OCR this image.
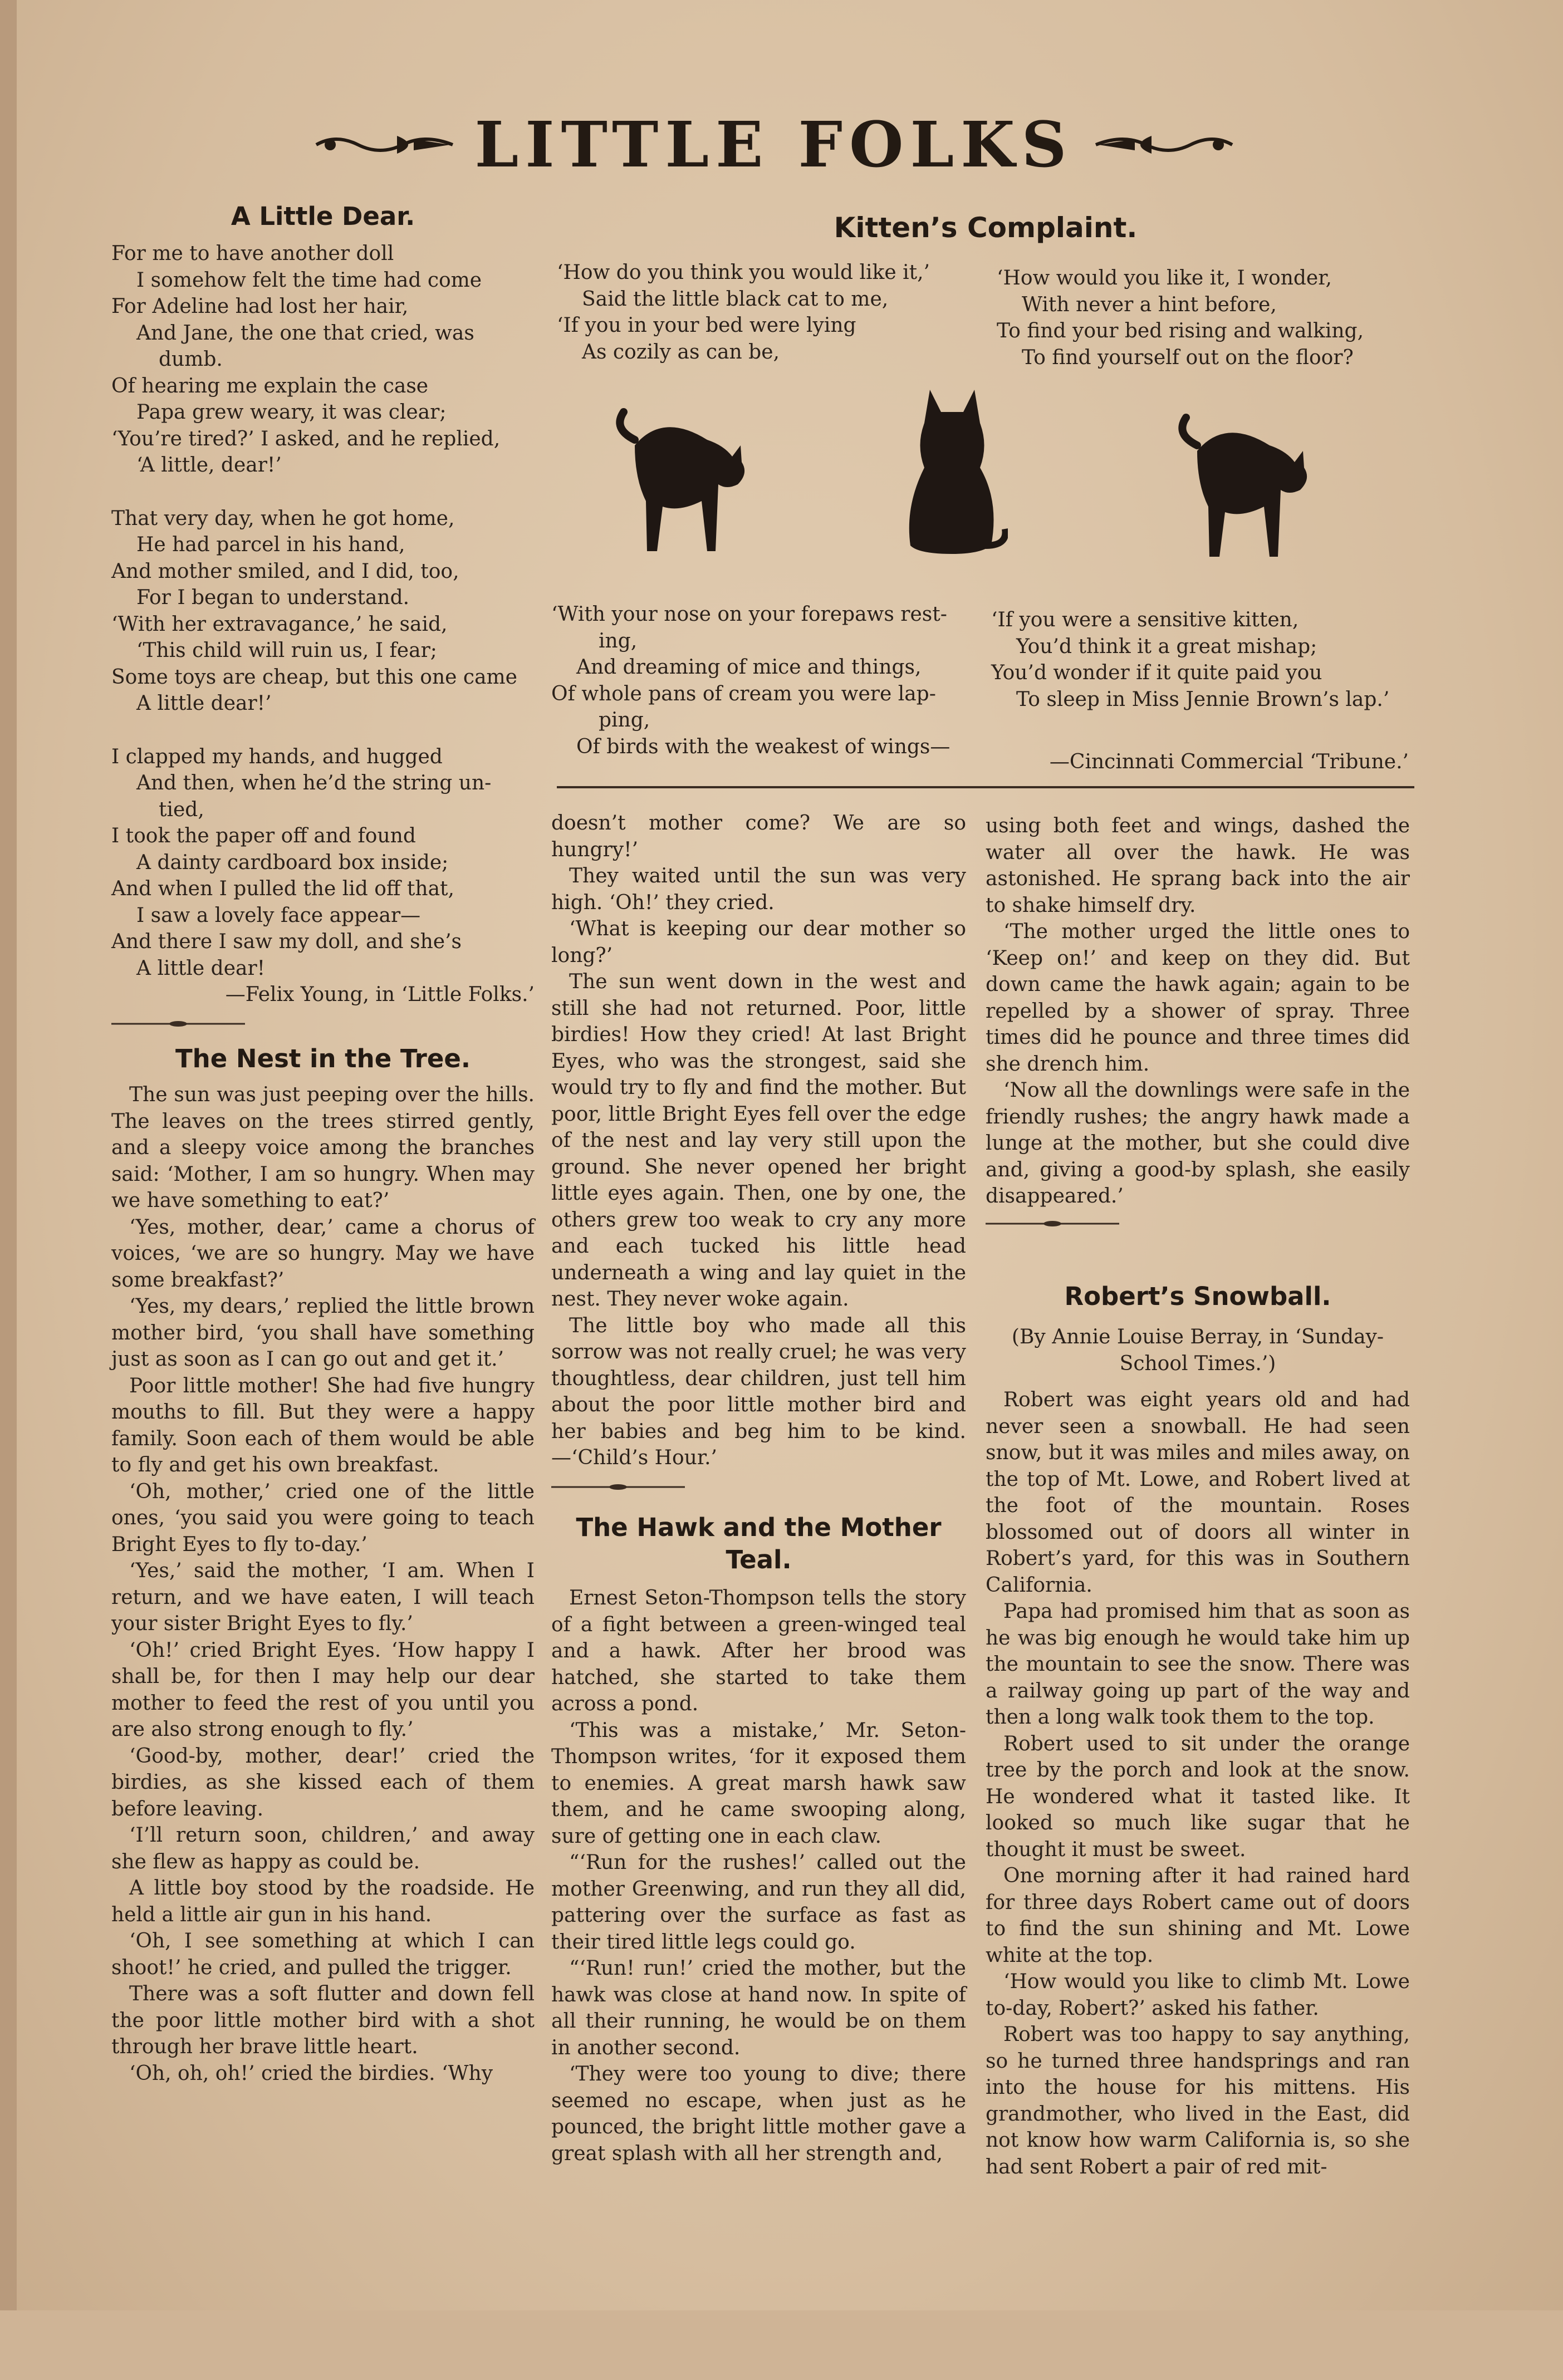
LITTLE FOLKS
A Little Dear.
For me to have another doll
I somehow felt the time had come
For Adeline had lost her hair,
And Jane, the one that cried, was
dumb.
Of hearing me explain the case
Papa grew weary, it was clear;
‘You’re tired?’ I asked, and he replied,
‘A little, dear!’
That very day, when he got home,
He had parcel in his hand,
And mother smiled, and I did, too,
For I began to understand.
‘With her extravagance,’ he said,
‘This child will ruin us, I fear;
Some toys are cheap, but this one came
A little dear!’
I clapped my hands, and hugged
And then, when he’d the string un-
tied,
I took the paper off and found
A dainty cardboard box inside;
And when I pulled the lid off that,
I saw a lovely face appear—
And there I saw my doll, and she’s
A little dear!
—Felix Young, in ‘Little Folks.’
The Nest in the Tree.

The sun was just peeping over the hills. The leaves on the trees stirred gently, and a sleepy voice among the branches said: ‘Mother, I am so hungry. When may we have something to eat?’

‘Yes, mother, dear,’ came a chorus of voices, ‘we are so hungry. May we have some breakfast?’

‘Yes, my dears,’ replied the little brown mother bird, ‘you shall have something just as soon as I can go out and get it.’

Poor little mother! She had five hungry mouths to fill. But they were a happy family. Soon each of them would be able to fly and get his own breakfast.

‘Oh, mother,’ cried one of the little ones, ‘you said you were going to teach Bright Eyes to fly to-day.’

‘Yes,’ said the mother, ‘I am. When I return, and we have eaten, I will teach your sister Bright Eyes to fly.’

‘Oh!’ cried Bright Eyes. ‘How happy I shall be, for then I may help our dear mother to feed the rest of you until you are also strong enough to fly.’

‘Good-by, mother, dear!’ cried the birdies, as she kissed each of them before leaving.

‘I’ll return soon, children,’ and away she flew as happy as could be.

A little boy stood by the roadside. He held a little air gun in his hand.

‘Oh, I see something at which I can shoot!’ he cried, and pulled the trigger.

There was a soft flutter and down fell the poor little mother bird with a shot through her brave little heart.

‘Oh, oh, oh!’ cried the birdies. ‘Why

Kitten’s Complaint.
‘How do you think you would like it,’
Said the little black cat to me,
‘If you in your bed were lying
As cozily as can be,
‘How would you like it, I wonder,
With never a hint before,
To find your bed rising and walking,
To find yourself out on the floor?
‘With your nose on your forepaws rest-
ing,
And dreaming of mice and things,
Of whole pans of cream you were lap-
ping,
Of birds with the weakest of wings—
‘If you were a sensitive kitten,
You’d think it a great mishap;
You’d wonder if it quite paid you
To sleep in Miss Jennie Brown’s lap.’
—Cincinnati Commercial ‘Tribune.’

doesn’t mother come? We are so hungry!’

They waited until the sun was very high. ‘Oh!’ they cried.

‘What is keeping our dear mother so long?’

The sun went down in the west and still she had not returned. Poor, little birdies! How they cried! At last Bright Eyes, who was the strongest, said she would try to fly and find the mother. But poor, little Bright Eyes fell over the edge of the nest and lay very still upon the ground. She never opened her bright little eyes again. Then, one by one, the others grew too weak to cry any more and each tucked his little head underneath a wing and lay quiet in the nest. They never woke again.

The little boy who made all this sorrow was not really cruel; he was very thoughtless, dear children, just tell him about the poor little mother bird and her babies and beg him to be kind.—‘Child’s Hour.’

The Hawk and the Mother Teal.

Ernest Seton-Thompson tells the story of a fight between a green-winged teal and a hawk. After her brood was hatched, she started to take them across a pond.

‘This was a mistake,’ Mr. Seton-Thompson writes, ‘for it exposed them to enemies. A great marsh hawk saw them, and he came swooping along, sure of getting one in each claw.

“‘Run for the rushes!’ called out the mother Greenwing, and run they all did, pattering over the surface as fast as their tired little legs could go.

“‘Run! run!’ cried the mother, but the hawk was close at hand now. In spite of all their running, he would be on them in another second.

‘They were too young to dive; there seemed no escape, when just as he pounced, the bright little mother gave a great splash with all her strength and,

using both feet and wings, dashed the water all over the hawk. He was astonished. He sprang back into the air to shake himself dry.

‘The mother urged the little ones to ‘Keep on!’ and keep on they did. But down came the hawk again; again to be repelled by a shower of spray. Three times did he pounce and three times did she drench him.

‘Now all the downlings were safe in the friendly rushes; the angry hawk made a lunge at the mother, but she could dive and, giving a good-by splash, she easily disappeared.’

Robert’s Snowball.

(By Annie Louise Berray, in ‘Sunday-School Times.’)

Robert was eight years old and had never seen a snowball. He had seen snow, but it was miles and miles away, on the top of Mt. Lowe, and Robert lived at the foot of the mountain. Roses blossomed out of doors all winter in Robert’s yard, for this was in Southern California.

Papa had promised him that as soon as he was big enough he would take him up the mountain to see the snow. There was a railway going up part of the way and then a long walk took them to the top.

Robert used to sit under the orange tree by the porch and look at the snow. He wondered what it tasted like. It looked so much like sugar that he thought it must be sweet.

One morning after it had rained hard for three days Robert came out of doors to find the sun shining and Mt. Lowe white at the top.

‘How would you like to climb Mt. Lowe to-day, Robert?’ asked his father.

Robert was too happy to say anything, so he turned three handsprings and ran into the house for his mittens. His grandmother, who lived in the East, did not know how warm California is, so she had sent Robert a pair of red mit-
